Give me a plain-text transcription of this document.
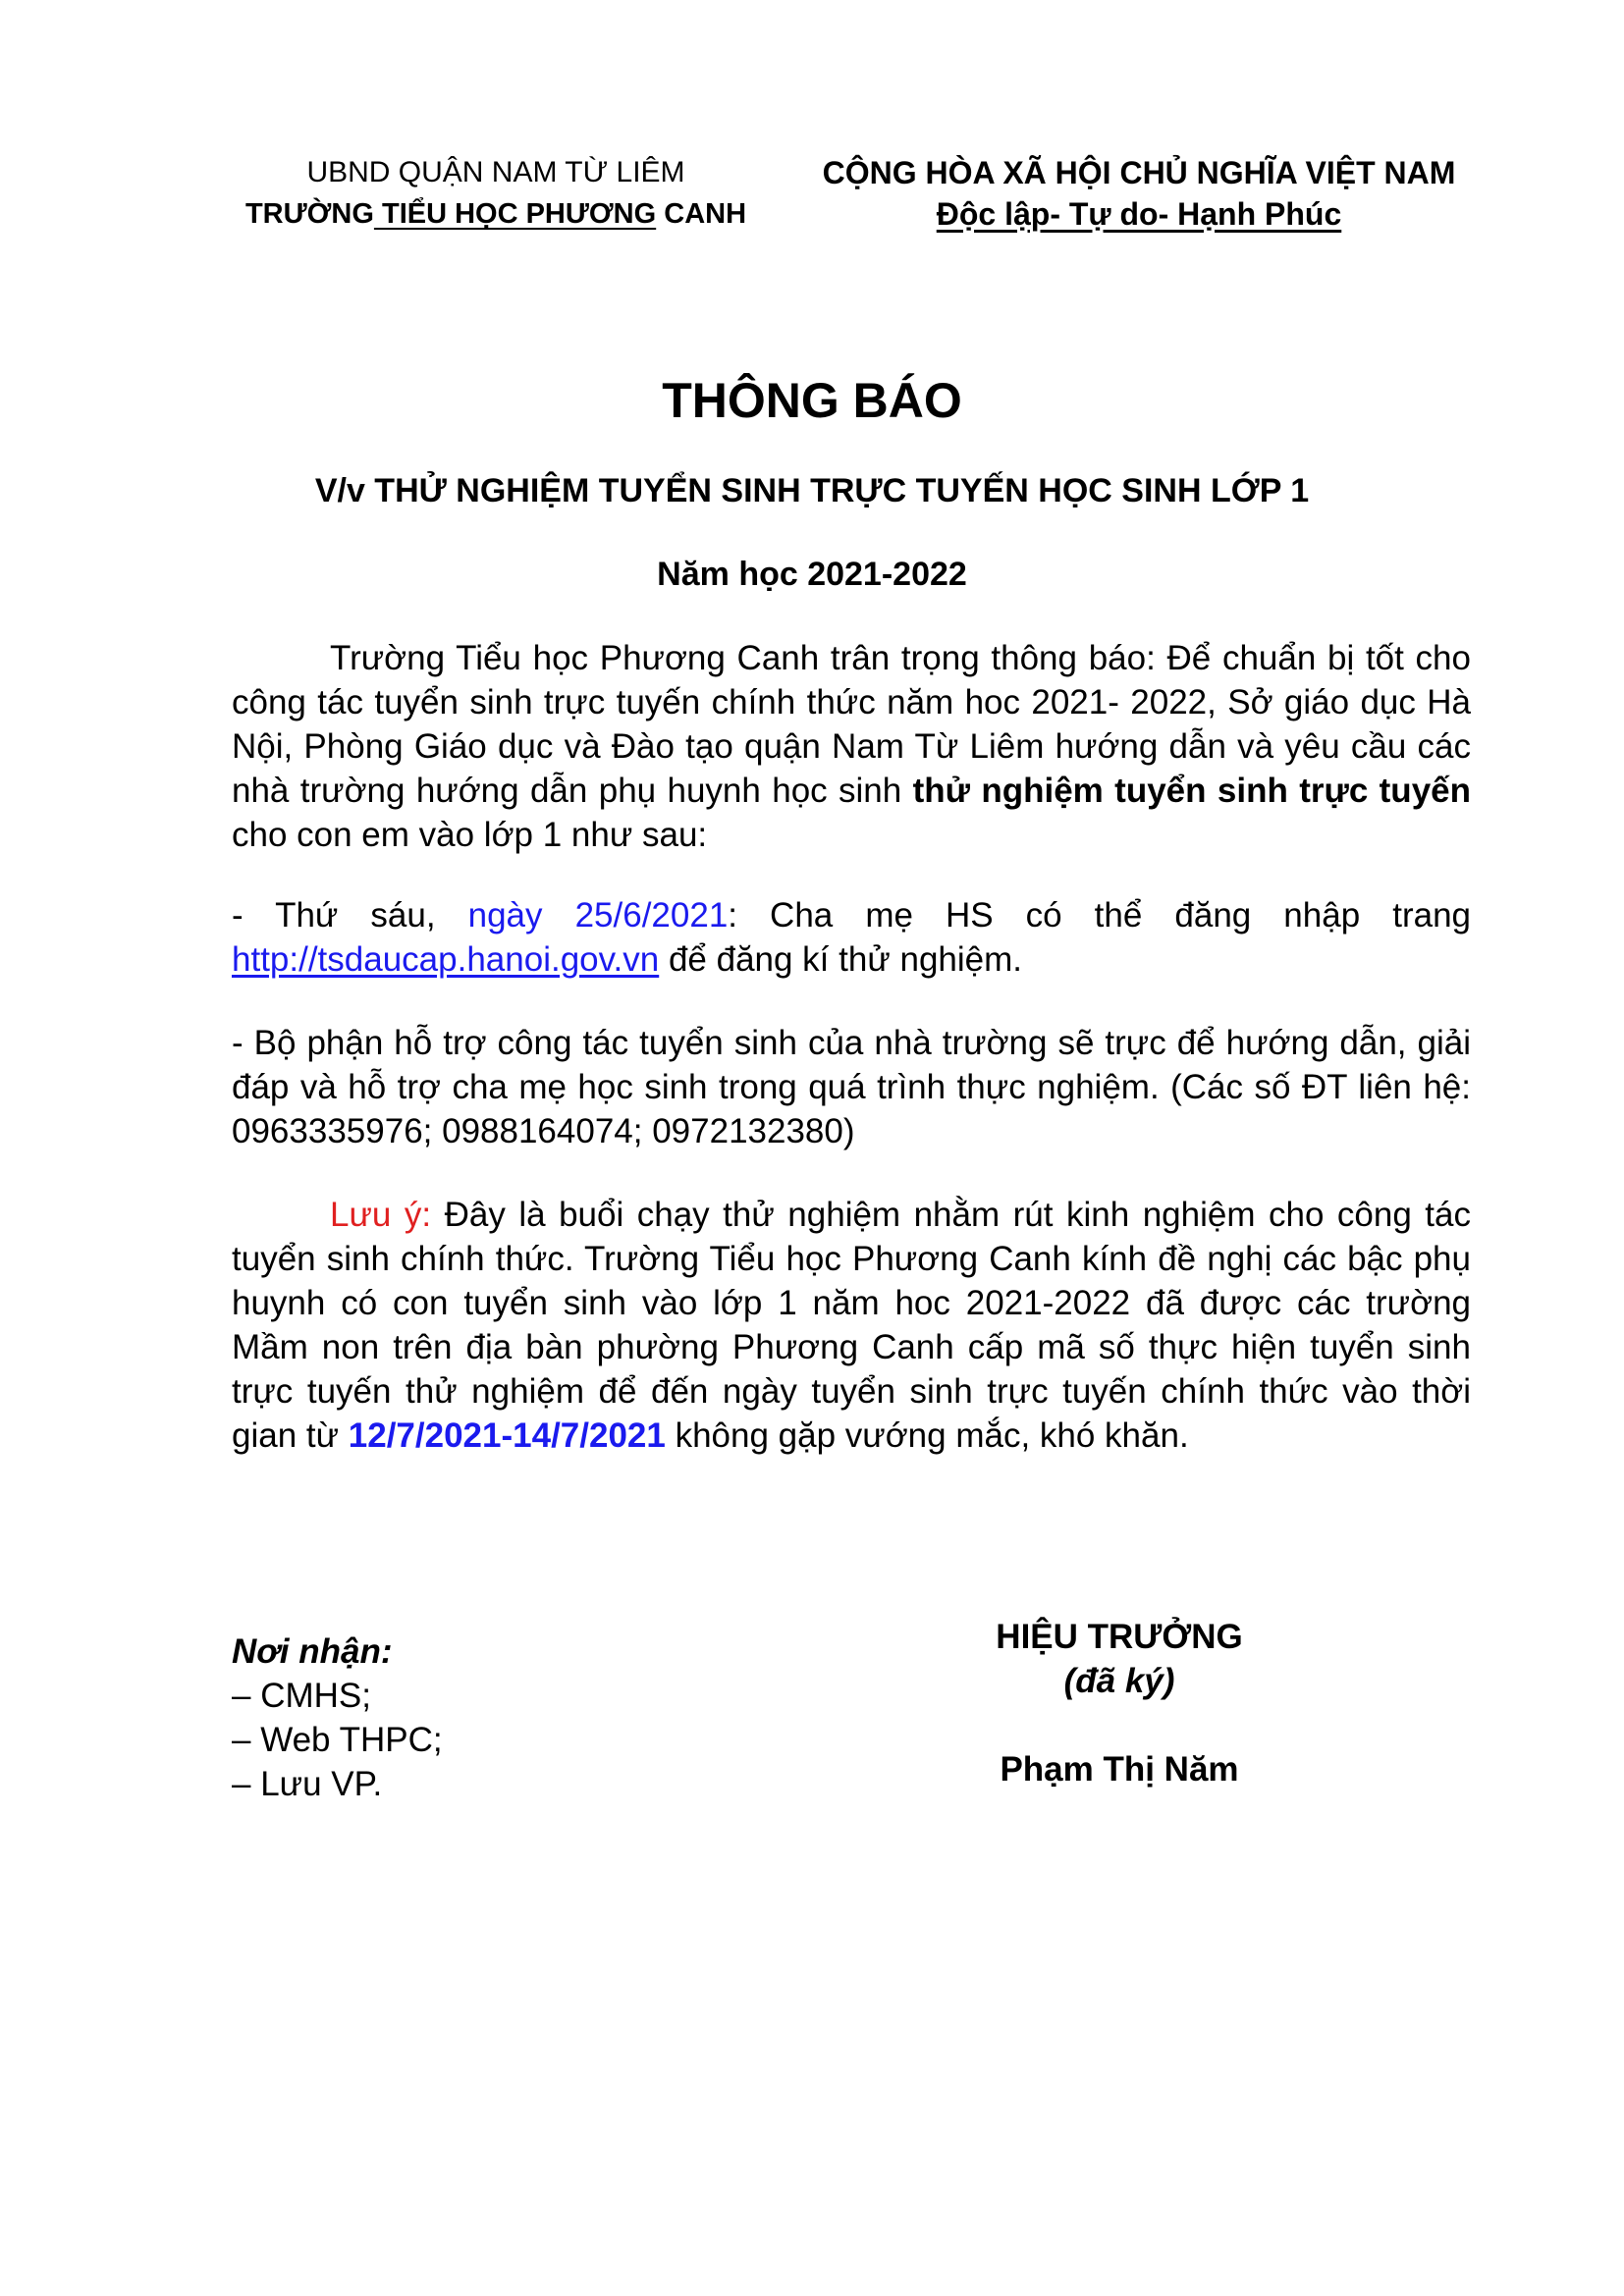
UBND QUẬN NAM TỪ LIÊM
TRƯỜNG TIỂU HỌC PHƯƠNG CANH
CỘNG HÒA XÃ HỘI CHỦ NGHĨA VIỆT NAM
Độc lập- Tự do- Hạnh Phúc
THÔNG BÁO
V/v THỬ NGHIỆM TUYỂN SINH TRỰC TUYẾN HỌC SINH LỚP 1
Năm học 2021-2022
Trường Tiểu học Phương Canh trân trọng thông báo: Để chuẩn bị tốt cho công tác tuyển sinh trực tuyến chính thức năm hoc 2021- 2022, Sở giáo dục Hà Nội, Phòng Giáo dục và Đào tạo quận Nam Từ Liêm hướng dẫn và yêu cầu các nhà trường hướng dẫn phụ huynh học sinh thử nghiệm tuyển sinh trực tuyến cho con em vào lớp 1 như sau:
- Thứ sáu, ngày 25/6/2021: Cha mẹ HS có thể đăng nhập trang http://tsdaucap.hanoi.gov.vn để đăng kí thử nghiệm.
- Bộ phận hỗ trợ công tác tuyển sinh của nhà trường sẽ trực để hướng dẫn, giải đáp và hỗ trợ cha mẹ học sinh trong quá trình thực nghiệm. (Các số ĐT liên hệ: 0963335976; 0988164074; 0972132380)
Lưu ý: Đây là buổi chạy thử nghiệm nhằm rút kinh nghiệm cho công tác tuyển sinh chính thức. Trường Tiểu học Phương Canh kính đề nghị các bậc phụ huynh có con tuyển sinh vào lớp 1 năm hoc 2021-2022 đã được các trường Mầm non trên địa bàn phường Phương Canh cấp mã số thực hiện tuyển sinh trực tuyến thử nghiệm để đến ngày tuyển sinh trực tuyến chính thức vào thời gian từ 12/7/2021-14/7/2021 không gặp vướng mắc, khó khăn.
Nơi nhận:
– CMHS;
– Web THPC;
– Lưu VP.
HIỆU TRƯỞNG
(đã ký)
Phạm Thị Năm
